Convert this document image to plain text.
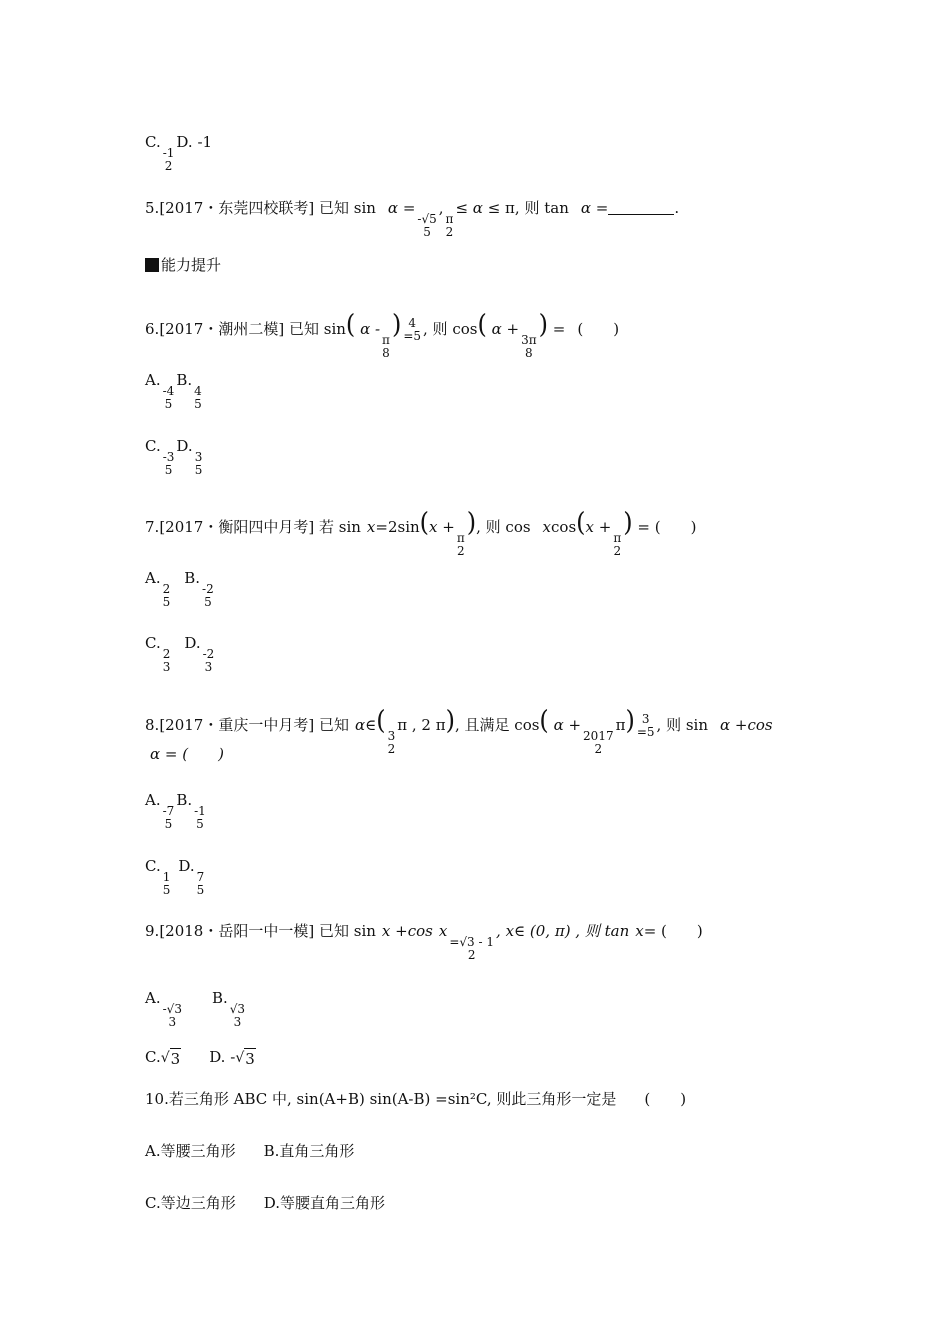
C.
-1
2
D. -1
5.[2017・东莞四校联考] 已知 sin α =
-√5
5
,
π
2
≤ α ≤ π, 则 tan α =	.
能力提升
6.[2017・潮州二模] 已知 sin( α -
π
8
) 4
=5 , 则 cos( α +
3π
8
) = (　　)
A.
-4
5
B.
4
5
C.
-3
5
D.
3
5
7.[2017・衡阳四中月考] 若 sin x=2sin(x +
π
2
), 则 cos xcos(x +
π
2
) = (　　)
A.
2
5
B.
-2
5
C.
2
3
D.
-2
3
8.[2017・重庆一中月考] 已知 α∈(
3
2
π , 2 π), 且满足 cos( α +
2017
2
π) 3
=5 , 则 sin α +cos
α = (　　)
A.
-7
5
B.
-1
5
C.
1
5
D.
7
5
9.[2018・岳阳一中一模] 已知 sin x +cos x
=√3 - 1
2
, x∈ (0, π) , 则 tan x= (　　)
A.
-√3
3
B.
√3
3
C. √ 3 D. - √ 3
10.若三角形 ABC 中, sin(A+B) sin(A-B) =sin²C, 则此三角形一定是 (　　)
A.等腰三角形 B.直角三角形
C.等边三角形 D.等腰直角三角形
